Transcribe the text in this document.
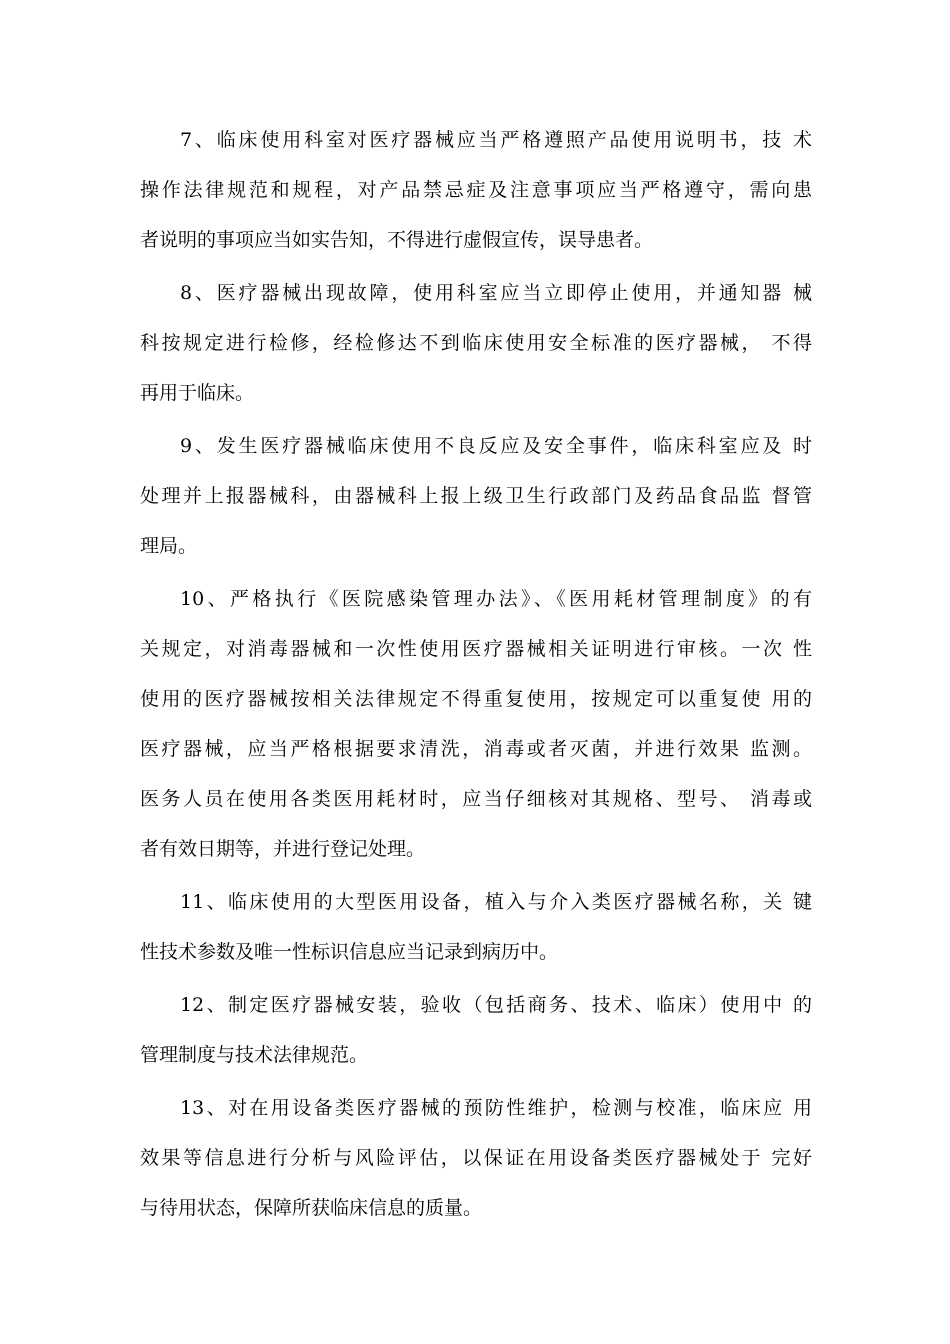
7、临床使用科室对医疗器械应当严格遵照产品使用说明书，技 术
操作法律规范和规程，对产品禁忌症及注意事项应当严格遵守，需向患
者说明的事项应当如实告知，不得进行虚假宣传，误导患者。
8、医疗器械出现故障，使用科室应当立即停止使用，并通知器 械
科按规定进行检修，经检修达不到临床使用安全标准的医疗器械， 不得
再用于临床。
9、发生医疗器械临床使用不良反应及安全事件，临床科室应及 时
处理并上报器械科，由器械科上报上级卫生行政部门及药品食品监 督管
理局。
10、严格执行《医院感染管理办法》、《医用耗材管理制度》的有
关规定，对消毒器械和一次性使用医疗器械相关证明进行审核。一次 性
使用的医疗器械按相关法律规定不得重复使用，按规定可以重复使 用的
医疗器械，应当严格根据要求清洗，消毒或者灭菌，并进行效果 监测。
医务人员在使用各类医用耗材时，应当仔细核对其规格、型号、 消毒或
者有效日期等，并进行登记处理。
11、临床使用的大型医用设备，植入与介入类医疗器械名称，关 键
性技术参数及唯一性标识信息应当记录到病历中。
12、制定医疗器械安装，验收（包括商务、技术、临床）使用中 的
管理制度与技术法律规范。
13、对在用设备类医疗器械的预防性维护，检测与校准，临床应 用
效果等信息进行分析与风险评估，以保证在用设备类医疗器械处于 完好
与待用状态，保障所获临床信息的质量。
